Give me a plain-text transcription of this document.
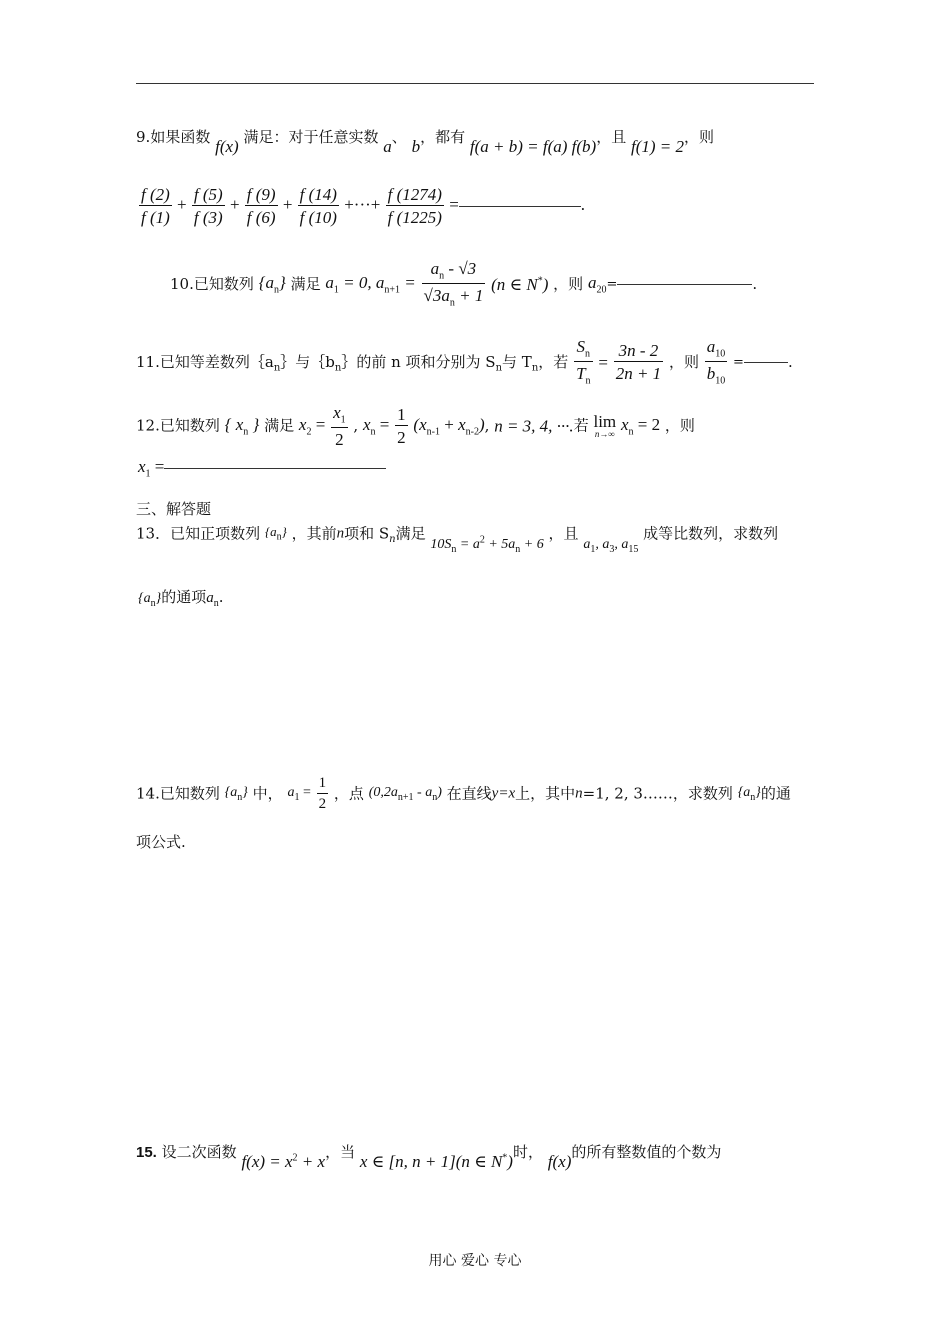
9.如果函数 f(x) 满足：对于任意实数 a、 b，都有 f(a + b) = f(a) f(b)，且 f(1) = 2，则
$\frac{f (2)}{f (1)} + \frac{f (5)}{f (3)} + \frac{f (9)}{f (6)} + \frac{f (14)}{f (10)}$ +···+ $\frac{f (1274)}{f (1225)}$ =	.
10.已知数列 $\{a_n\}$ 满足 $a_1 = 0$, $a_{n+1} = \frac{a_n - √3}{√3a_n + 1} (n$ ∈ N*) ，则 $a_{20}=$	.
11.已知等差数列$\{a_n\}$与$\{b_n\}$的前 n 项和分别为 $S_n$与 $T_n$，若 $\frac{S_n}{T_n} = \frac{3n - 2}{2n + 1}$ ，则 $\frac{a_{10}}{b_{10}}$ =	.
12.已知数列 { $x_n$ } 满足 $x_2 = \frac{x_1}{2}$ , $x_n = \frac{1}{2} (x_{n-1} + x_{n-2})$, n = 3, 4, ···.若 lim
n→∞
$x_n = 2$ ，则
$x_1$ =
三、解答题
13．已知正项数列 $\{a_n\}$ ，其前n项和 $S_n$满足 $10S_n = a^2 + 5a_n + 6$ ，且 $a_1$, $a_3$, $a_{15}$ 成等比数列，求数列
$\{a_n\}$的通项$a_n$.
14.已知数列 $\{a_n\}$ 中， $a_1 = \frac{1}{2}$ ，点 $(0,2a_{n+1} - a_n)$ 在直线y=x上，其中n=1, 2, 3……，求数列 $\{a_n\}$的通
项公式.
15. 设二次函数 $f(x) = x^2 + x$，当 x ∈ [n, n + 1](n ∈ N*)时， f(x)的所有整数值的个数为
用心 爱心 专心
